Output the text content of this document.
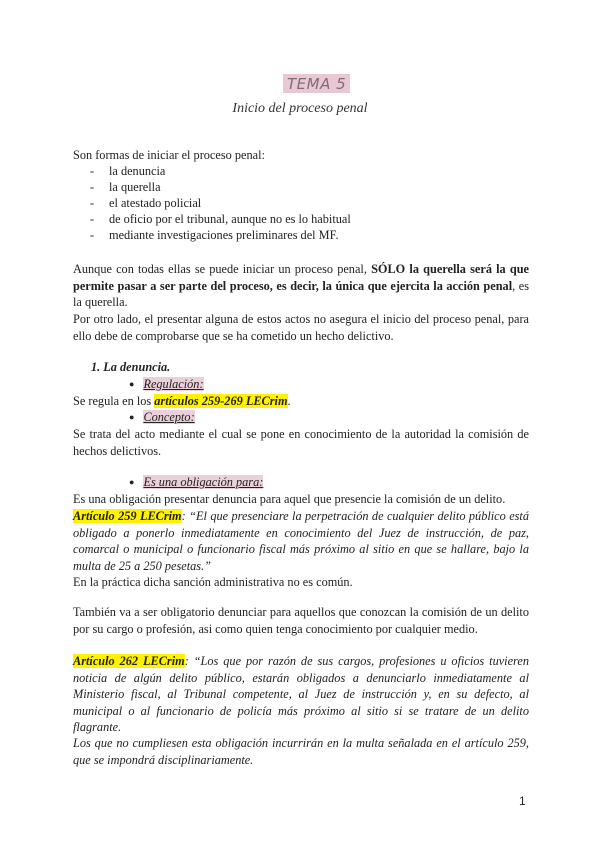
TEMA 5
Inicio del proceso penal
Son formas de iniciar el proceso penal:
- la denuncia
- la querella
- el atestado policial
- de oficio por el tribunal, aunque no es lo habitual
- mediante investigaciones preliminares del MF.
Aunque con todas ellas se puede iniciar un proceso penal, SÓLO la querella será la que permite pasar a ser parte del proceso, es decir, la única que ejercita la acción penal, es la querella.
Por otro lado, el presentar alguna de estos actos no asegura el inicio del proceso penal, para ello debe de comprobarse que se ha cometido un hecho delictivo.
1. La denuncia.
● Regulación:
Se regula en los artículos 259-269 LECrim.
● Concepto:
Se trata del acto mediante el cual se pone en conocimiento de la autoridad la comisión de hechos delictivos.
● Es una obligación para:
Es una obligación presentar denuncia para aquel que presencie la comisión de un delito.
Artículo 259 LECrim: “El que presenciare la perpetración de cualquier delito público está obligado a ponerlo inmediatamente en conocimiento del Juez de instrucción, de paz, comarcal o municipal o funcionario fiscal más próximo al sitio en que se hallare, bajo la multa de 25 a 250 pesetas.”
En la práctica dicha sanción administrativa no es común.
También va a ser obligatorio denunciar para aquellos que conozcan la comisión de un delito por su cargo o profesión, asi como quien tenga conocimiento por cualquier medio.
Artículo 262 LECrim: “Los que por razón de sus cargos, profesiones u oficios tuvieren noticia de algún delito público, estarán obligados a denunciarlo inmediatamente al Ministerio fiscal, al Tribunal competente, al Juez de instrucción y, en su defecto, al municipal o al funcionario de policía más próximo al sitio si se tratare de un delito flagrante.
Los que no cumpliesen esta obligación incurrirán en la multa señalada en el artículo 259, que se impondrá disciplinariamente.
1
